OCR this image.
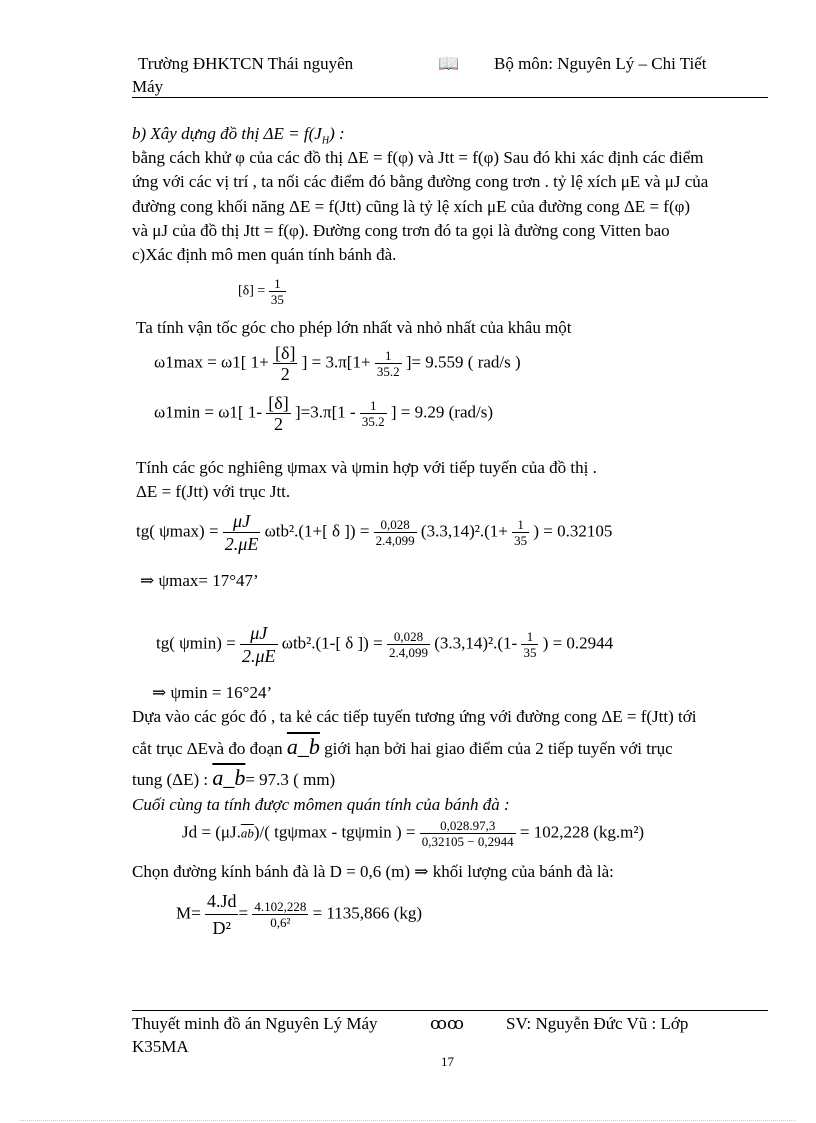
Trường ĐHKTCN Thái nguyên	📖 Bộ môn: Nguyên Lý – Chi Tiết
Máy
b) Xây dựng đồ thị $\Delta E = f(J_H)$ :
bằng cách khử φ của các đồ thị ΔE = f(φ) và Jtt = f(φ) Sau đó khi xác định các điểm
ứng với các vị trí , ta nối các điểm đó bằng đường cong trơn . tỷ lệ xích μE và μJ của
đường cong khối năng ΔE = f(Jtt) cũng là tỷ lệ xích μE của đường cong ΔE = f(φ)
và μJ của đồ thị Jtt = f(φ). Đường cong trơn đó ta gọi là đường cong Vitten bao
c)Xác định mô men quán tính bánh đà.
$[\delta] = \frac{1}{35}$
Ta tính vận tốc góc cho phép lớn nhất và nhỏ nhất của khâu một
ω1max = ω1[ $1+ \frac{[\delta]}{2}$ ] = $3.\pi[1+ \frac{1}{35.2}$ ]= 9.559 ( rad/s )
ω1min = ω1[ $1- \frac{[\delta]}{2} ]=3.\pi[1 - \frac{1}{35.2}$ ] = 9.29 (rad/s)
Tính các góc nghiêng ψmax và ψmin hợp với tiếp tuyến của đồ thị .
ΔE = f(Jtt) với trục Jtt.
tg( $\psi\max) = \frac{\mu J}{2.\mu E} \omega tb^2.(1+$[ δ ]) = $\frac{0,028}{2.4,099} (3.3,14)^2.(1+ \frac{1}{35}$ ) = 0.32105
⇒ ψmax= 17°47’
tg( $\psi\min) = \frac{\mu J}{2.\mu E} \omega tb^2.(1-$[ δ ]) = $\frac{0,028}{2.4,099} (3.3,14)^2.(1- \frac{1}{35}$ ) = 0.2944
⇒ ψmin = 16°24’
Dựa vào các góc đó , ta kẻ các tiếp tuyến tương ứng với đường cong ΔE = f(Jtt) tới
cắt trục ΔEvà đo đoạn a_b giới hạn bởi hai giao điểm của 2 tiếp tuyến với trục
tung (ΔE) : a_b= 97.3 ( mm)
Cuối cùng ta tính được mômen quán tính của bánh đà :
$Jd = (\mu J.\overline{ab})/$( tgψmax - tgψmin ) = $\frac{0,028.97,3}{0,32105 - 0,2944} = 102,228$ (kg.m²)
Chọn đường kính bánh đà là D = 0,6 (m) ⇒ khối lượng của bánh đà là:
$M= \frac{4.Jd}{\text{D²}} = \frac{4.102,228}{\text{0,6²}} = 1135,866$ (kg)
Thuyết minh đồ án Nguyên Lý Máy	ꝏꝏ SV: Nguyễn Đức Vũ : Lớp
K35MA
17
